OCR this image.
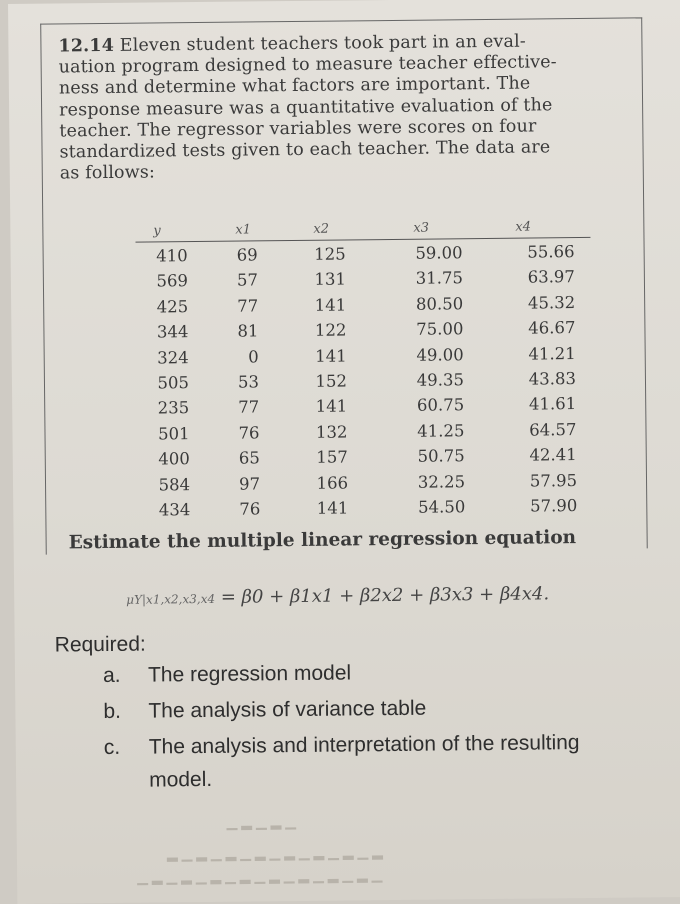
12.14 Eleven student teachers took part in an eval-
uation program designed to measure teacher effective-
ness and determine what factors are important. The
response measure was a quantitative evaluation of the
teacher. The regressor variables were scores on four
standardized tests given to each teacher. The data are
as follows:
y	x1	x2	x3	x4
410	69	125	59.00	55.66
569	57	131	31.75	63.97
425	77	141	80.50	45.32
344	81	122	75.00	46.67
324	0	141	49.00	41.21
505	53	152	49.35	43.83
235	77	141	60.75	41.61
501	76	132	41.25	64.57
400	65	157	50.75	42.41
584	97	166	32.25	57.95
434	76	141	54.50	57.90
Estimate the multiple linear regression equation
μY|x1,x2,x3,x4 = β0 + β1x1 + β2x2 + β3x3 + β4x4.
Required:
a. The regression model
b. The analysis of variance table
c. The analysis and interpretation of the resulting
model.
▁ ▂ ▁ ▂ ▁
▂ ▁ ▂ ▁ ▂ ▁ ▂ ▁ ▂ ▁ ▂ ▁ ▂ ▁ ▂
▁ ▂ ▁ ▂ ▁ ▂ ▁ ▂ ▁ ▂ ▁ ▂ ▁ ▂ ▁ ▂ ▁
